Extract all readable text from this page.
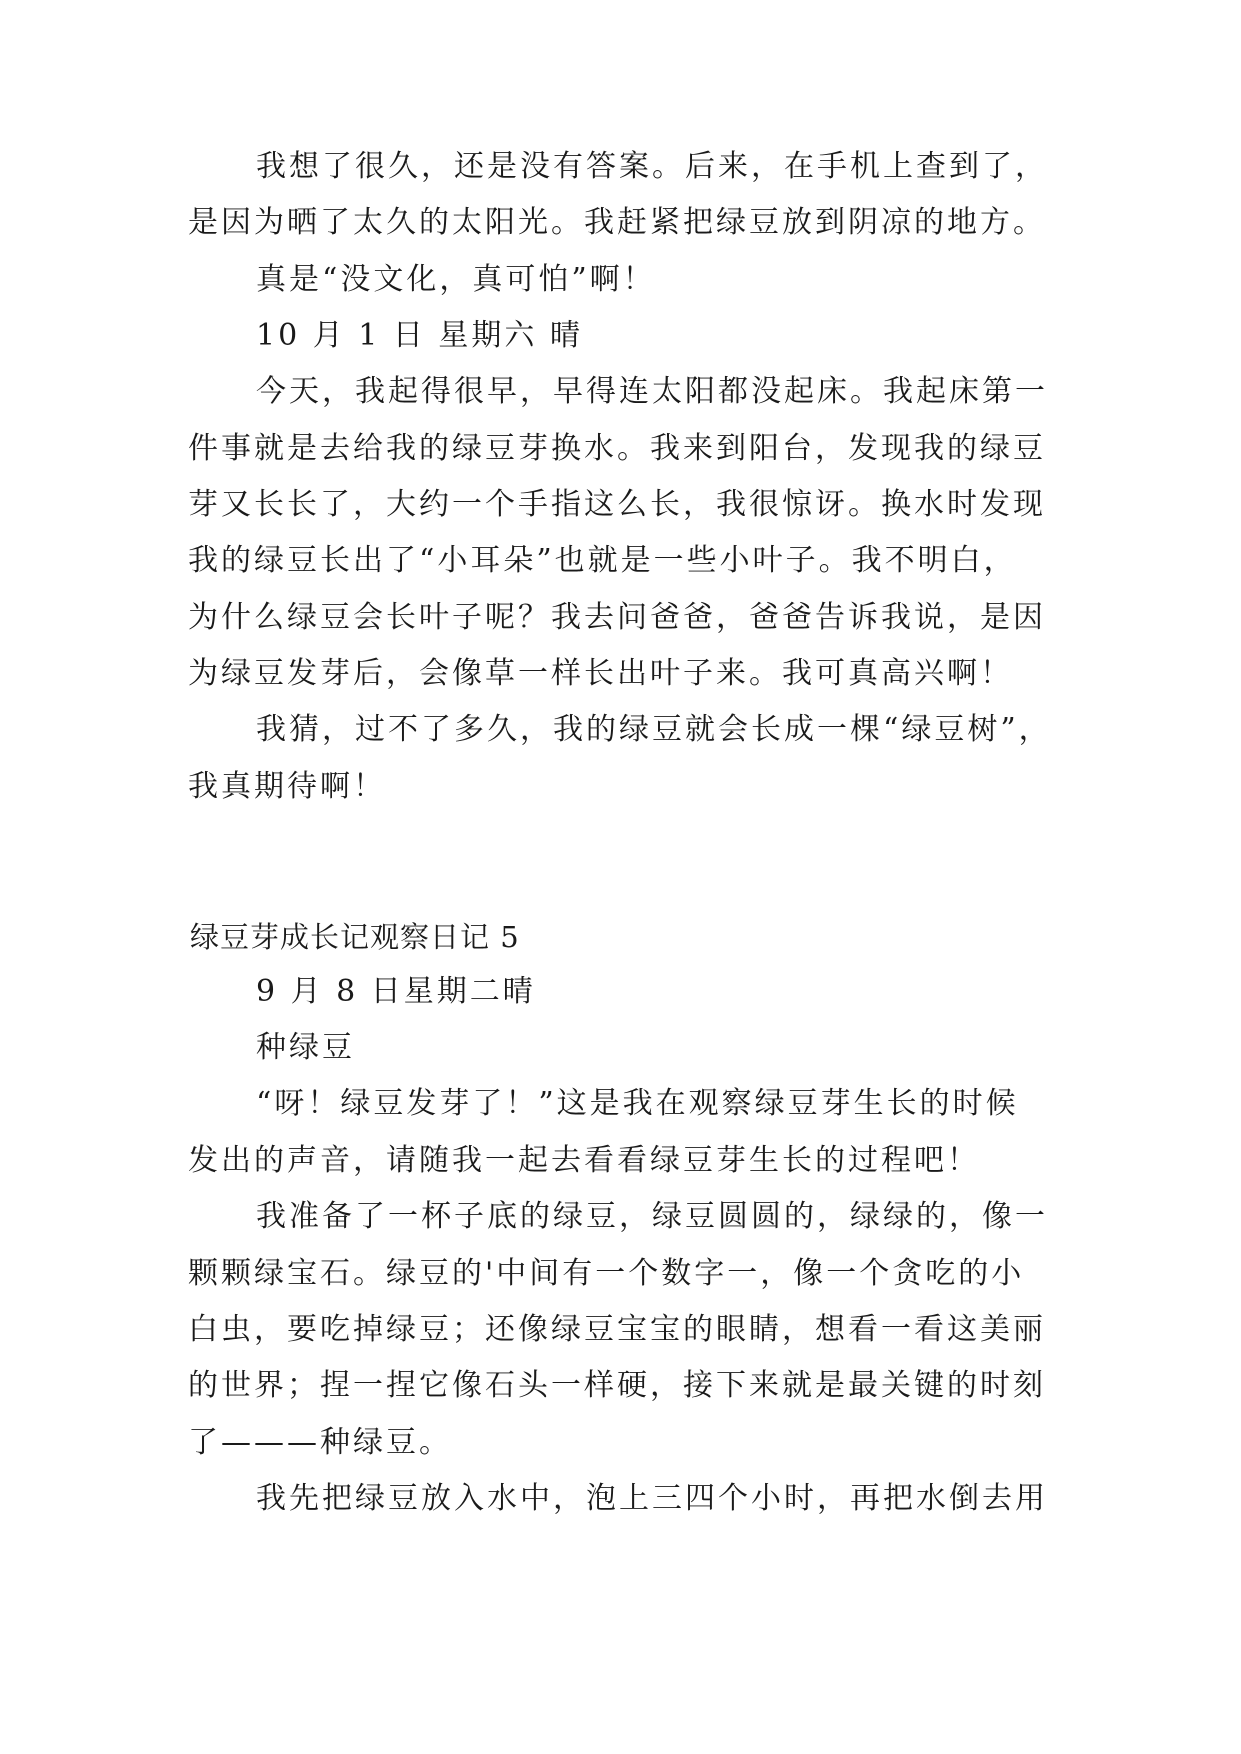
我想了很久，还是没有答案。后来，在手机上查到了，

是因为晒了太久的太阳光。我赶紧把绿豆放到阴凉的地方。

真是“没文化，真可怕”啊！

10 月 1 日 星期六 晴

今天，我起得很早，早得连太阳都没起床。我起床第一

件事就是去给我的绿豆芽换水。我来到阳台，发现我的绿豆

芽又长长了，大约一个手指这么长，我很惊讶。换水时发现

我的绿豆长出了“小耳朵”也就是一些小叶子。我不明白，

为什么绿豆会长叶子呢？我去问爸爸，爸爸告诉我说，是因

为绿豆发芽后，会像草一样长出叶子来。我可真高兴啊！

我猜，过不了多久，我的绿豆就会长成一棵“绿豆树”，

我真期待啊！

绿豆芽成长记观察日记 5

9 月 8 日星期二晴

种绿豆

“呀！绿豆发芽了！”这是我在观察绿豆芽生长的时候

发出的声音，请随我一起去看看绿豆芽生长的过程吧！

我准备了一杯子底的绿豆，绿豆圆圆的，绿绿的，像一

颗颗绿宝石。绿豆的'中间有一个数字一，像一个贪吃的小

白虫，要吃掉绿豆；还像绿豆宝宝的眼睛，想看一看这美丽

的世界；捏一捏它像石头一样硬，接下来就是最关键的时刻

了———种绿豆。

我先把绿豆放入水中，泡上三四个小时，再把水倒去用
